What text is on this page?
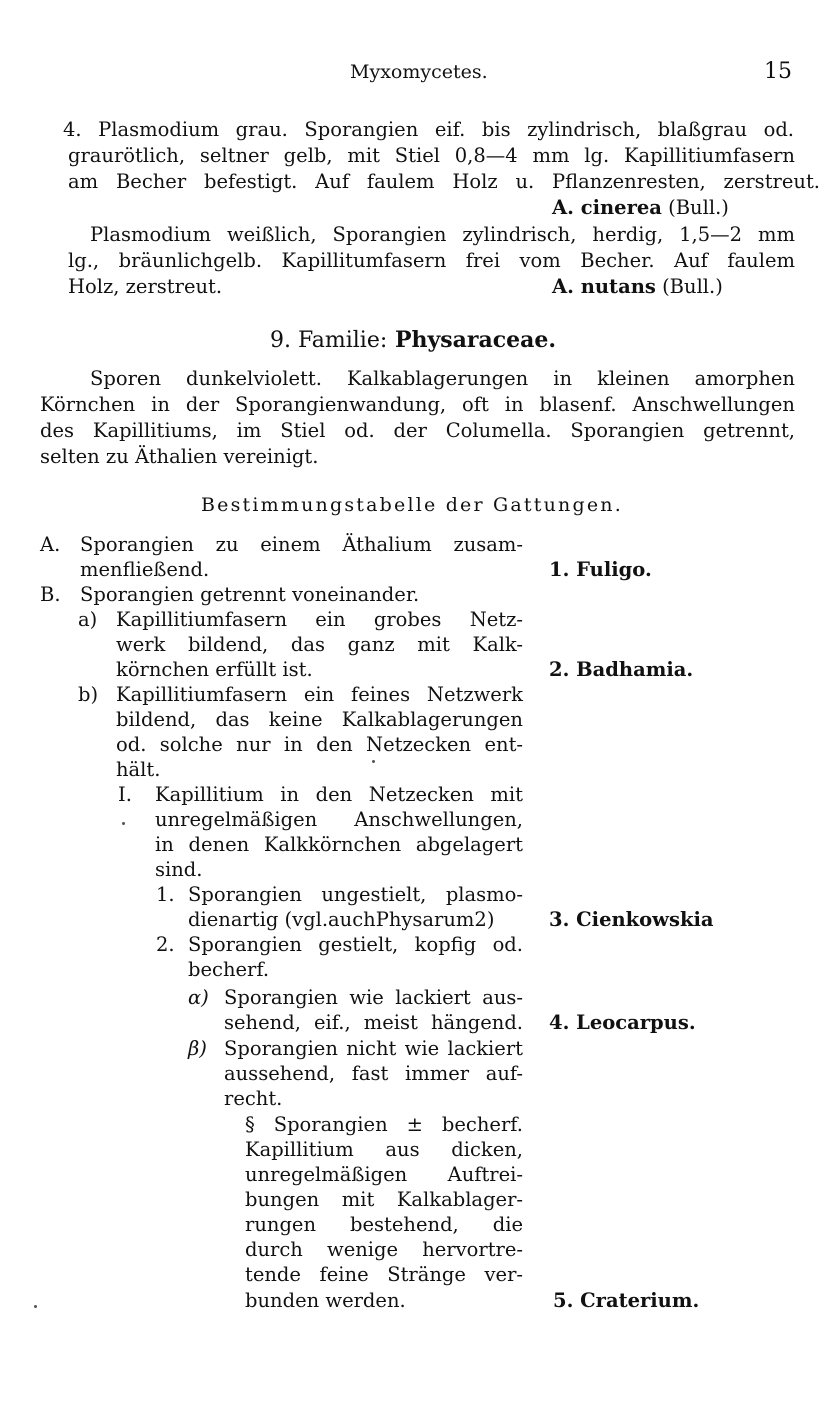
Myxomycetes.	15
4. Plasmodium grau. Sporangien eif. bis zylindrisch, blaßgrau od.
graurötlich, seltner gelb, mit Stiel 0,8—4 mm lg. Kapillitiumfasern
am Becher befestigt. Auf faulem Holz u. Pflanzenresten, zerstreut.
A. cinerea (Bull.)
Plasmodium weißlich, Sporangien zylindrisch, herdig, 1,5—2 mm
lg., bräunlichgelb. Kapillitumfasern frei vom Becher. Auf faulem
Holz, zerstreut.	A. nutans (Bull.)
9. Familie: Physaraceae.
Sporen dunkelviolett. Kalkablagerungen in kleinen amorphen
Körnchen in der Sporangienwandung, oft in blasenf. Anschwellungen
des Kapillitiums, im Stiel od. der Columella. Sporangien getrennt,
selten zu Äthalien vereinigt.
Bestimmungstabelle der Gattungen.
A. Sporangien zu einem Äthalium zusam-
menfließend.	1. Fuligo.
B. Sporangien getrennt voneinander.
a) Kapillitiumfasern ein grobes Netz-
werk bildend, das ganz mit Kalk-
körnchen erfüllt ist.	2. Badhamia.
b) Kapillitiumfasern ein feines Netzwerk
bildend, das keine Kalkablagerungen
od. solche nur in den Netzecken ent-
hält.
I. Kapillitium in den Netzecken mit
unregelmäßigen Anschwellungen,
in denen Kalkkörnchen abgelagert
sind.
1. Sporangien ungestielt, plasmo-
dienartig (vgl.auchPhysarum2)	3. Cienkowskia
2. Sporangien gestielt, kopfig od.
becherf.
α) Sporangien wie lackiert aus-
sehend, eif., meist hängend. 4. Leocarpus.
β) Sporangien nicht wie lackiert
aussehend, fast immer auf-
recht.
§ Sporangien ± becherf.
Kapillitium aus dicken,
unregelmäßigen Auftrei-
bungen mit Kalkablager-
rungen bestehend, die
durch wenige hervortre-
tende feine Stränge ver-
bunden werden.	5. Craterium.
